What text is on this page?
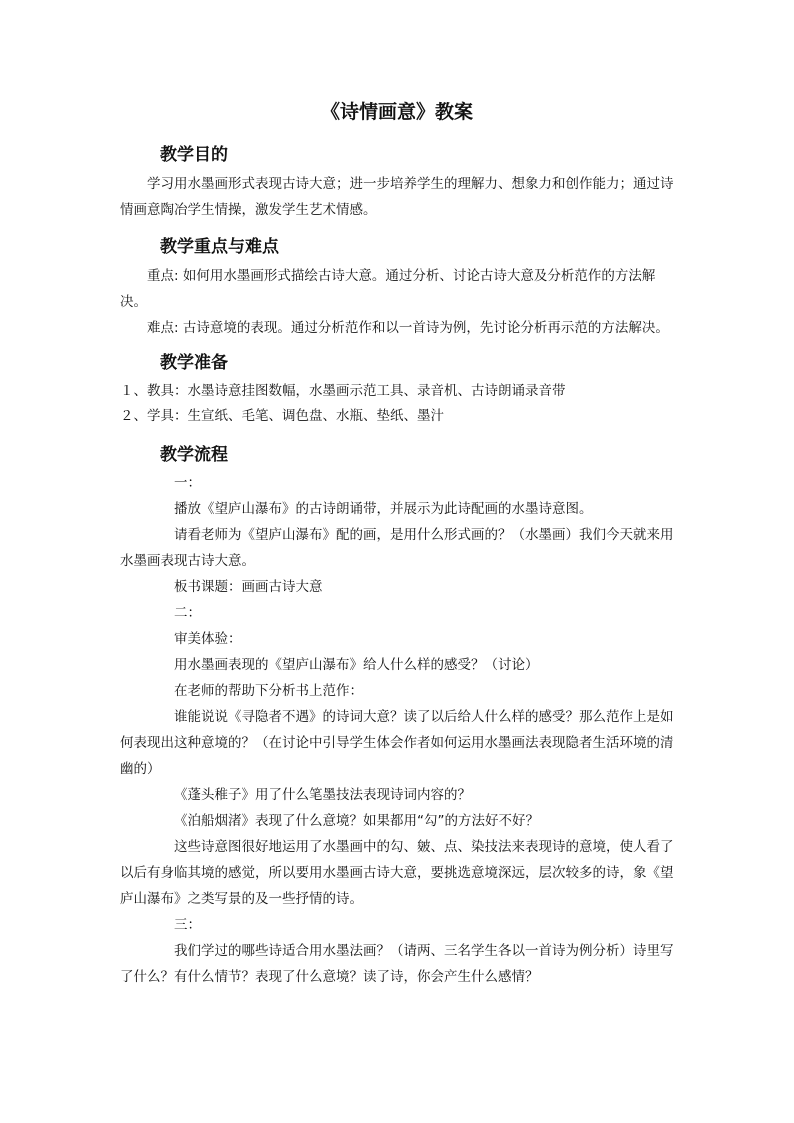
《诗情画意》教案
教学目的
学习用水墨画形式表现古诗大意；进一步培养学生的理解力、想象力和创作能力；通过诗情画意陶冶学生情操，激发学生艺术情感。
教学重点与难点
重点: 如何用水墨画形式描绘古诗大意。通过分析、讨论古诗大意及分析范作的方法解决。
难点: 古诗意境的表现。通过分析范作和以一首诗为例，先讨论分析再示范的方法解决。
教学准备
１、教具：水墨诗意挂图数幅，水墨画示范工具、录音机、古诗朗诵录音带
２、学具：生宣纸、毛笔、调色盘、水瓶、垫纸、墨汁
教学流程
一：
播放《望庐山瀑布》的古诗朗诵带，并展示为此诗配画的水墨诗意图。
请看老师为《望庐山瀑布》配的画，是用什么形式画的？（水墨画）我们今天就来用水墨画表现古诗大意。
板书课题：画画古诗大意
二：
审美体验：
用水墨画表现的《望庐山瀑布》给人什么样的感受？（讨论）
在老师的帮助下分析书上范作：
谁能说说《寻隐者不遇》的诗词大意？读了以后给人什么样的感受？那么范作上是如何表现出这种意境的？（在讨论中引导学生体会作者如何运用水墨画法表现隐者生活环境的清幽的）
《蓬头稚子》用了什么笔墨技法表现诗词内容的？
《泊船烟渚》表现了什么意境？如果都用“勾”的方法好不好？
这些诗意图很好地运用了水墨画中的勾、皴、点、染技法来表现诗的意境，使人看了以后有身临其境的感觉，所以要用水墨画古诗大意，要挑选意境深远，层次较多的诗，象《望庐山瀑布》之类写景的及一些抒情的诗。
三：
我们学过的哪些诗适合用水墨法画？（请两、三名学生各以一首诗为例分析）诗里写了什么？有什么情节？表现了什么意境？读了诗，你会产生什么感情？
